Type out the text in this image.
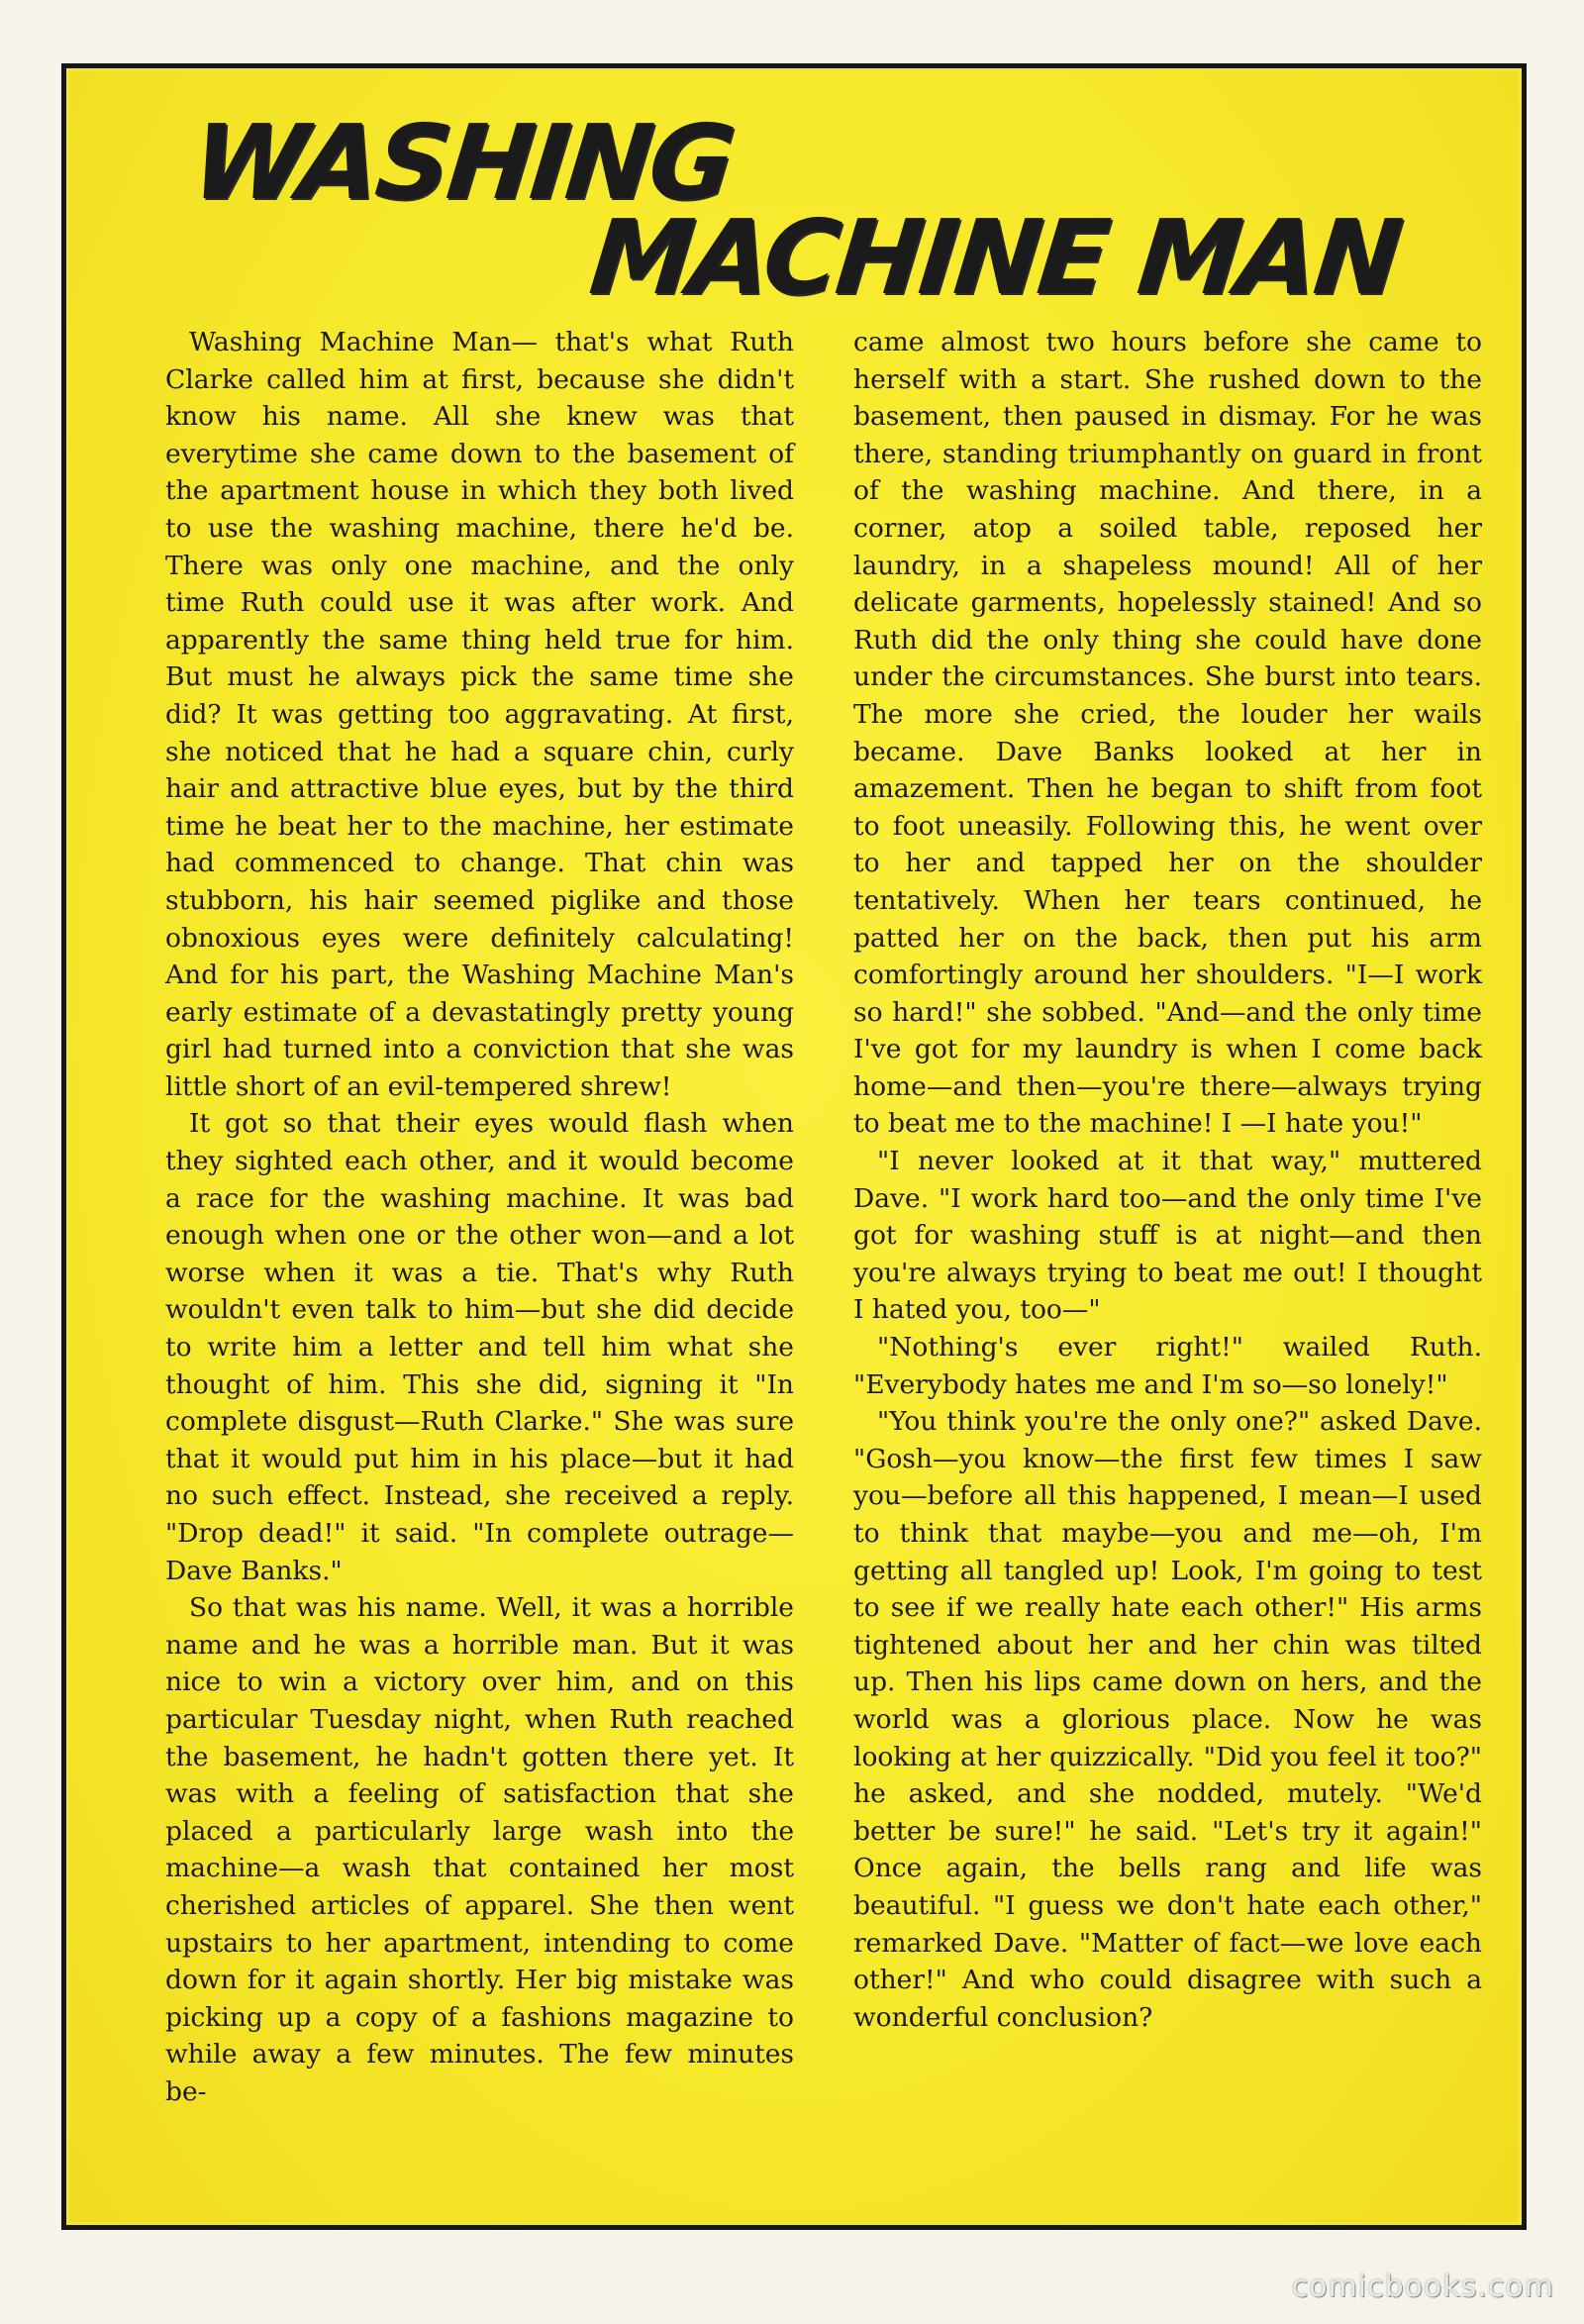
WASHING
MACHINE MAN

Washing Machine Man— that's what Ruth Clarke called him at first, because she didn't know his name. All she knew was that everytime she came down to the basement of the apartment house in which they both lived to use the washing machine, there he'd be. There was only one machine, and the only time Ruth could use it was after work. And apparently the same thing held true for him. But must he always pick the same time she did? It was getting too aggravating. At first, she noticed that he had a square chin, curly hair and attractive blue eyes, but by the third time he beat her to the machine, her estimate had commenced to change. That chin was stubborn, his hair seemed piglike and those obnoxious eyes were definitely calculating! And for his part, the Washing Machine Man's early estimate of a devastatingly pretty young girl had turned into a conviction that she was little short of an evil-tempered shrew!

It got so that their eyes would flash when they sighted each other, and it would become a race for the washing machine. It was bad enough when one or the other won—and a lot worse when it was a tie. That's why Ruth wouldn't even talk to him—but she did decide to write him a letter and tell him what she thought of him. This she did, signing it "In complete disgust—Ruth Clarke." She was sure that it would put him in his place—but it had no such effect. Instead, she received a reply. "Drop dead!" it said. "In complete outrage—Dave Banks."

So that was his name. Well, it was a horrible name and he was a horrible man. But it was nice to win a victory over him, and on this particular Tuesday night, when Ruth reached the basement, he hadn't gotten there yet. It was with a feeling of satisfaction that she placed a particularly large wash into the machine—a wash that contained her most cherished articles of apparel. She then went upstairs to her apartment, intending to come down for it again shortly. Her big mistake was picking up a copy of a fashions magazine to while away a few minutes. The few minutes be-

came almost two hours before she came to herself with a start. She rushed down to the basement, then paused in dismay. For he was there, standing triumphantly on guard in front of the washing machine. And there, in a corner, atop a soiled table, reposed her laundry, in a shapeless mound! All of her delicate garments, hopelessly stained! And so Ruth did the only thing she could have done under the circumstances. She burst into tears. The more she cried, the louder her wails became. Dave Banks looked at her in amazement. Then he began to shift from foot to foot uneasily. Following this, he went over to her and tapped her on the shoulder tentatively. When her tears continued, he patted her on the back, then put his arm comfortingly around her shoulders. "I—I work so hard!" she sobbed. "And—and the only time I've got for my laundry is when I come back home—and then—you're there—always trying to beat me to the machine! I —I hate you!"

"I never looked at it that way," muttered Dave. "I work hard too—and the only time I've got for washing stuff is at night—and then you're always trying to beat me out! I thought I hated you, too—"

"Nothing's ever right!" wailed Ruth. "Everybody hates me and I'm so—so lonely!"

"You think you're the only one?" asked Dave. "Gosh—you know—the first few times I saw you—before all this happened, I mean—I used to think that maybe—you and me—oh, I'm getting all tangled up! Look, I'm going to test to see if we really hate each other!" His arms tightened about her and her chin was tilted up. Then his lips came down on hers, and the world was a glorious place. Now he was looking at her quizzically. "Did you feel it too?" he asked, and she nodded, mutely. "We'd better be sure!" he said. "Let's try it again!" Once again, the bells rang and life was beautiful. "I guess we don't hate each other," remarked Dave. "Matter of fact—we love each other!" And who could disagree with such a wonderful conclusion?

comicbooks.com
